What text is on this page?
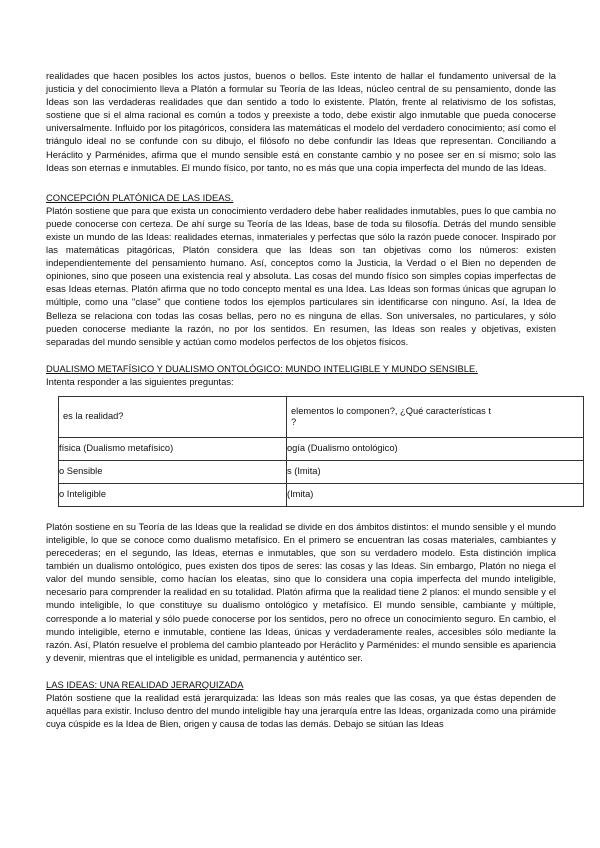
realidades que hacen posibles los actos justos, buenos o bellos. Este intento de hallar el fundamento universal de la justicia y del conocimiento lleva a Platón a formular su Teoría de las Ideas, núcleo central de su pensamiento, donde las Ideas son las verdaderas realidades que dan sentido a todo lo existente. Platón, frente al relativismo de los sofistas, sostiene que si el alma racional es común a todos y preexiste a todo, debe existir algo inmutable que pueda conocerse universalmente. Influido por los pitagóricos, considera las matemáticas el modelo del verdadero conocimiento; así como el triángulo ideal no se confunde con su dibujo, el filósofo no debe confundir las Ideas que representan. Conciliando a Heráclito y Parménides, afirma que el mundo sensible está en constante cambio y no posee ser en sí mismo; solo las Ideas son eternas e inmutables. El mundo físico, por tanto, no es más que una copia imperfecta del mundo de las Ideas.

CONCEPCIÓN PLATÓNICA DE LAS IDEAS.

Platón sostiene que para que exista un conocimiento verdadero debe haber realidades inmutables, pues lo que cambia no puede conocerse con certeza. De ahí surge su Teoría de las Ideas, base de toda su filosofía. Detrás del mundo sensible existe un mundo de las Ideas: realidades eternas, inmateriales y perfectas que sólo la razón puede conocer. Inspirado por las matemáticas pitagóricas, Platón considera que las Ideas son tan objetivas como los números: existen independientemente del pensamiento humano. Así, conceptos como la Justicia, la Verdad o el Bien no dependen de opiniones, sino que poseen una existencia real y absoluta. Las cosas del mundo físico son simples copias imperfectas de esas Ideas eternas. Platón afirma que no todo concepto mental es una Idea. Las Ideas son formas únicas que agrupan lo múltiple, como una "clase" que contiene todos los ejemplos particulares sin identificarse con ninguno. Así, la Idea de Belleza se relaciona con todas las cosas bellas, pero no es ninguna de ellas. Son universales, no particulares, y sólo pueden conocerse mediante la razón, no por los sentidos. En resumen, las Ideas son reales y objetivas, existen separadas del mundo sensible y actúan como modelos perfectos de los objetos físicos.

DUALISMO METAFÍSICO Y DUALISMO ONTOLÓGICO: MUNDO INTELIGIBLE Y MUNDO SENSIBLE.

Intenta responder a las siguientes preguntas:

es la realidad?	elementos lo componen?, ¿Qué características t
?

física (Dualismo metafísico)	ogía (Dualismo ontológico)

o Sensible	s (Imita)

o Inteligible	(Imita)

Platón sostiene en su Teoría de las Ideas que la realidad se divide en dos ámbitos distintos: el mundo sensible y el mundo inteligible, lo que se conoce como dualismo metafísico. En el primero se encuentran las cosas materiales, cambiantes y perecederas; en el segundo, las Ideas, eternas e inmutables, que son su verdadero modelo. Esta distinción implica también un dualismo ontológico, pues existen dos tipos de seres: las cosas y las Ideas. Sin embargo, Platón no niega el valor del mundo sensible, como hacían los eleatas, sino que lo considera una copia imperfecta del mundo inteligible, necesario para comprender la realidad en su totalidad. Platón afirma que la realidad tiene 2 planos: el mundo sensible y el mundo inteligible, lo que constituye su dualismo ontológico y metafísico. El mundo sensible, cambiante y múltiple, corresponde a lo material y sólo puede conocerse por los sentidos, pero no ofrece un conocimiento seguro. En cambio, el mundo inteligible, eterno e inmutable, contiene las Ideas, únicas y verdaderamente reales, accesibles sólo mediante la razón. Así, Platón resuelve el problema del cambio planteado por Heráclito y Parménides: el mundo sensible es apariencia y devenir, mientras que el inteligible es unidad, permanencia y auténtico ser.

LAS IDEAS: UNA REALIDAD JERARQUIZADA

Platón sostiene que la realidad está jerarquizada: las Ideas son más reales que las cosas, ya que éstas dependen de aquéllas para existir. Incluso dentro del mundo inteligible hay una jerarquía entre las Ideas, organizada como una pirámide cuya cúspide es la Idea de Bien, origen y causa de todas las demás. Debajo se sitúan las Ideas
